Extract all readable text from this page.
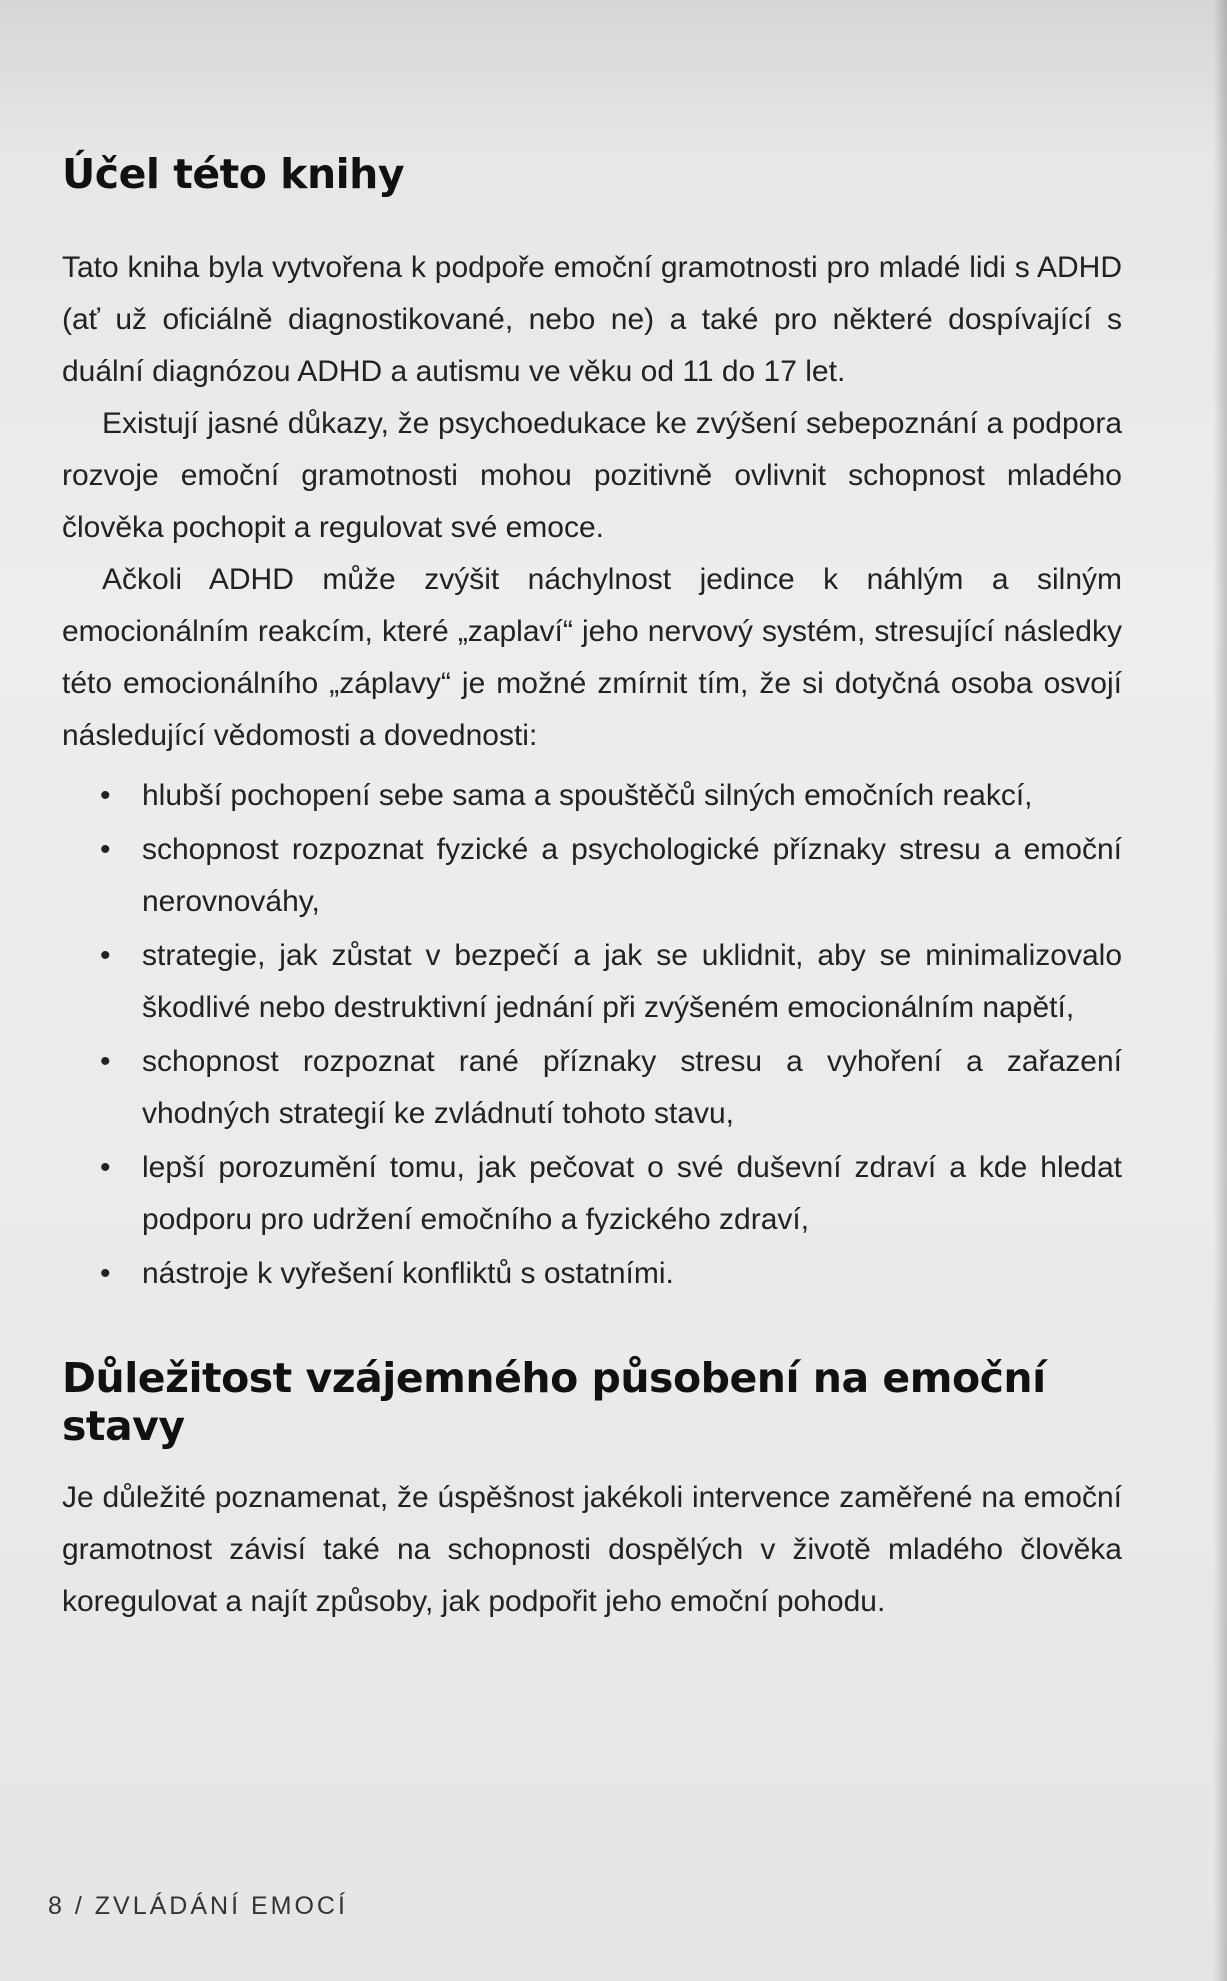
Účel této knihy

Tato kniha byla vytvořena k podpoře emoční gramotnosti pro mladé lidi s ADHD (ať už oficiálně diagnostikované, nebo ne) a také pro některé dospívající s duální diagnózou ADHD a autismu ve věku od 11 do 17 let.

Existují jasné důkazy, že psychoedukace ke zvýšení sebepoznání a podpora rozvoje emoční gramotnosti mohou pozitivně ovlivnit schopnost mladého člověka pochopit a regulovat své emoce.

Ačkoli ADHD může zvýšit náchylnost jedince k náhlým a silným emocionálním reakcím, které „zaplaví“ jeho nervový systém, stresující následky této emocionálního „záplavy“ je možné zmírnit tím, že si dotyčná osoba osvojí následující vědomosti a dovednosti:

• hlubší pochopení sebe sama a spouštěčů silných emočních reakcí,
• schopnost rozpoznat fyzické a psychologické příznaky stresu a emoční nerovnováhy,
• strategie, jak zůstat v bezpečí a jak se uklidnit, aby se minimalizovalo škodlivé nebo destruktivní jednání při zvýšeném emocionálním napětí,
• schopnost rozpoznat rané příznaky stresu a vyhoření a zařazení vhodných strategií ke zvládnutí tohoto stavu,
• lepší porozumění tomu, jak pečovat o své duševní zdraví a kde hledat podporu pro udržení emočního a fyzického zdraví,
• nástroje k vyřešení konfliktů s ostatními.
Důležitost vzájemného působení na emoční stavy

Je důležité poznamenat, že úspěšnost jakékoli intervence zaměřené na emoční gramotnost závisí také na schopnosti dospělých v životě mladého člověka koregulovat a najít způsoby, jak podpořit jeho emoční pohodu.

8 / ZVLÁDÁNÍ EMOCÍ
